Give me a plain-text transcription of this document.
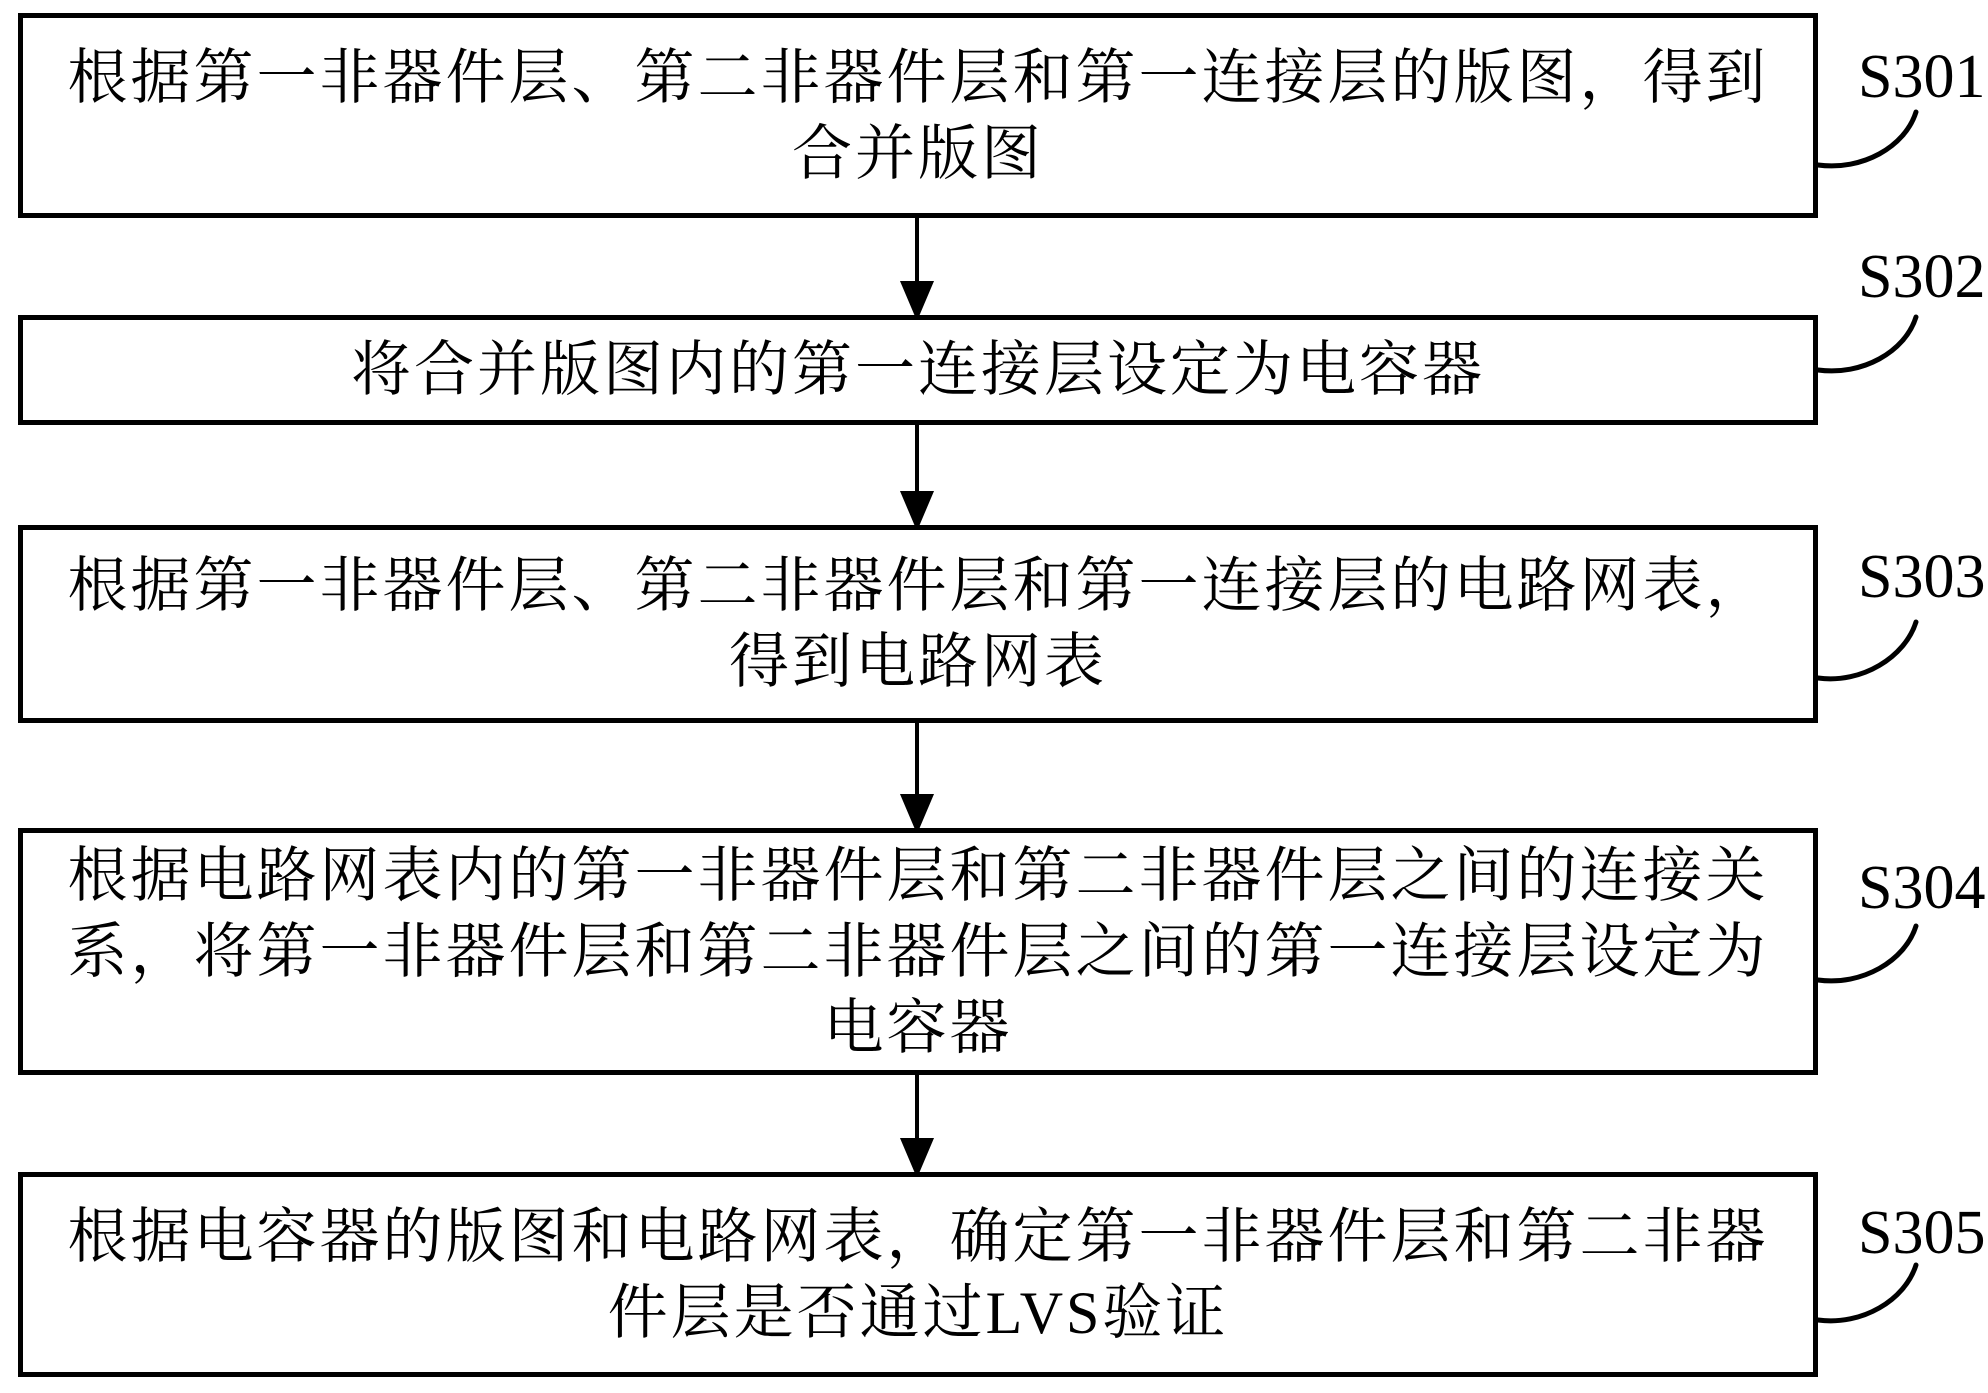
根据第一非器件层、第二非器件层和第一连接层的版图，得到
合并版图
将合并版图内的第一连接层设定为电容器
根据第一非器件层、第二非器件层和第一连接层的电路网表，
得到电路网表
根据电路网表内的第一非器件层和第二非器件层之间的连接关
系，将第一非器件层和第二非器件层之间的第一连接层设定为
电容器
根据电容器的版图和电路网表，确定第一非器件层和第二非器
件层是否通过LVS验证
S301
S302
S303
S304
S305
